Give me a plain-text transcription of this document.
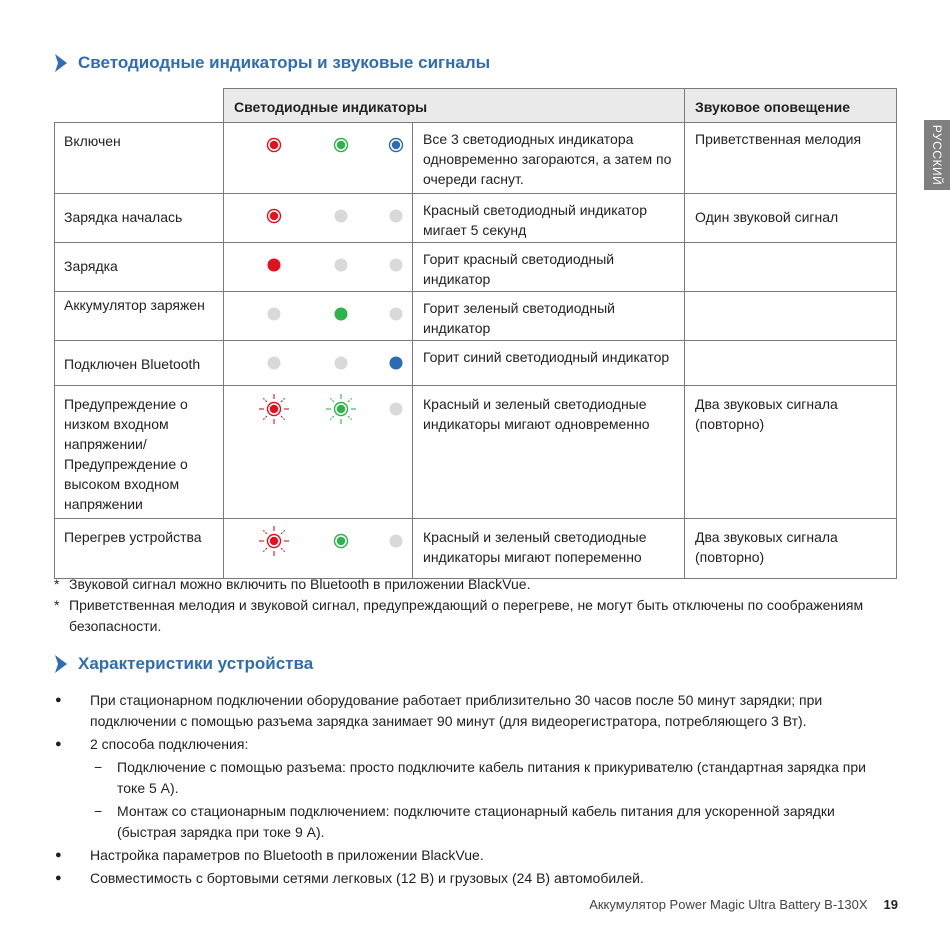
Светодиодные индикаторы и звуковые сигналы
РУССКИЙ
	Светодиодные индикаторы		Звуковое оповещение
Включен		Все 3 светодиодных индикатора одновременно загораются, а затем по очереди гаснут.	Приветственная мелодия
Зарядка началась		Красный светодиодный индикатор мигает 5 секунд	Один звуковой сигнал
Зарядка		Горит красный светодиодный индикатор	
Аккумулятор заряжен		Горит зеленый светодиодный индикатор	
Подключен Bluetooth		Горит синий светодиодный индикатор	
Предупреждение о низком входном напряжении/ Предупреждение о высоком входном напряжении		Красный и зеленый светодиодные индикаторы мигают одновременно	Два звуковых сигнала (повторно)
Перегрев устройства		Красный и зеленый светодиодные индикаторы мигают попеременно	Два звуковых сигнала (повторно)
* Звуковой сигнал можно включить по Bluetooth в приложении BlackVue.
* Приветственная мелодия и звуковой сигнал, предупреждающий о перегреве, не могут быть отключены по соображениям безопасности.
Характеристики устройства
●	При стационарном подключении оборудование работает приблизительно 30 часов после 50 минут зарядки; при подключении с помощью разъема зарядка занимает 90 минут (для видеорегистратора, потребляющего 3 Вт).
●	2 способа подключения:
−	Подключение с помощью разъема: просто подключите кабель питания к прикуривателю (стандартная зарядка при токе 5 А).
−	Монтаж со стационарным подключением: подключите стационарный кабель питания для ускоренной зарядки (быстрая зарядка при токе 9 А).
●	Настройка параметров по Bluetooth в приложении BlackVue.
●	Совместимость с бортовыми сетями легковых (12 В) и грузовых (24 В) автомобилей.
Аккумулятор Power Magic Ultra Battery B-130X 19
